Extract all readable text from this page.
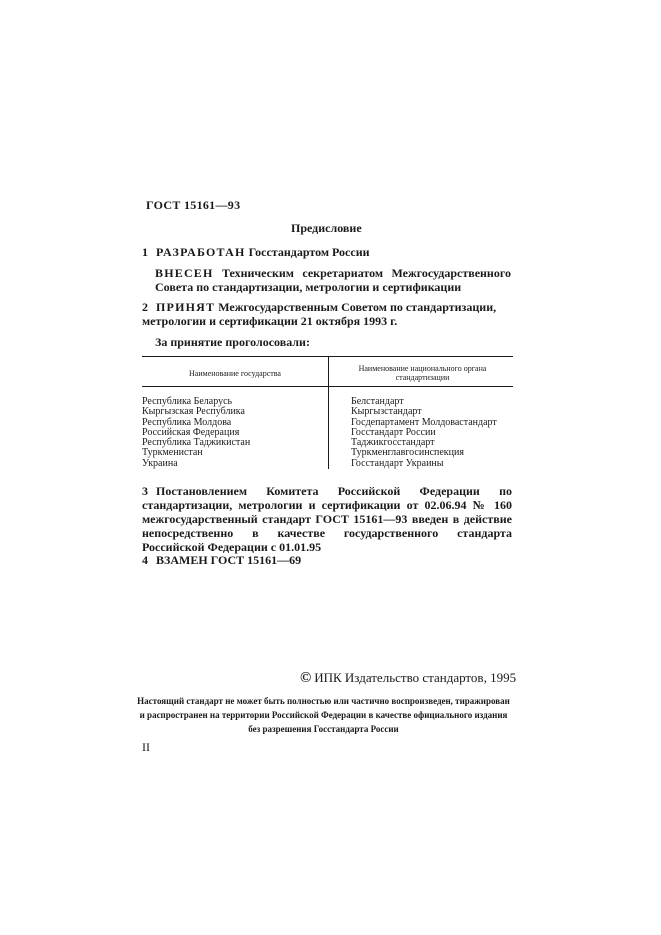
ГОСТ 15161—93
Предисловие
1 РАЗРАБОТАН Госстандартом России
ВНЕСЕН Техническим секретариатом Межгосударственного Совета по стандартизации, метрологии и сертификации
2 ПРИНЯТ Межгосударственным Советом по стандартизации, метрологии и сертификации 21 октября 1993 г.
За принятие проголосовали:
Наименование государства
Наименование национального органа стандартизации
Республика Беларусь
Кыргызская Республика
Республика Молдова
Российская Федерация
Республика Таджикистан
Туркменистан
Украина
Белстандарт
Кыргызстандарт
Госдепартамент Молдовастандарт
Госстандарт России
Таджикгосстандарт
Туркменглавгосинспекция
Госстандарт Украины
3 Постановлением Комитета Российской Федерации по стандартизации, метрологии и сертификации от 02.06.94 № 160 межгосударственный стандарт ГОСТ 15161—93 введен в действие непосредственно в качестве государственного стандарта Российской Федерации с 01.01.95
4 ВЗАМЕН ГОСТ 15161—69
© ИПК Издательство стандартов, 1995
Настоящий стандарт не может быть полностью или частично воспроизведен, тиражирован и распространен на территории Российской Федерации в качестве официального издания без разрешения Госстандарта России
II
